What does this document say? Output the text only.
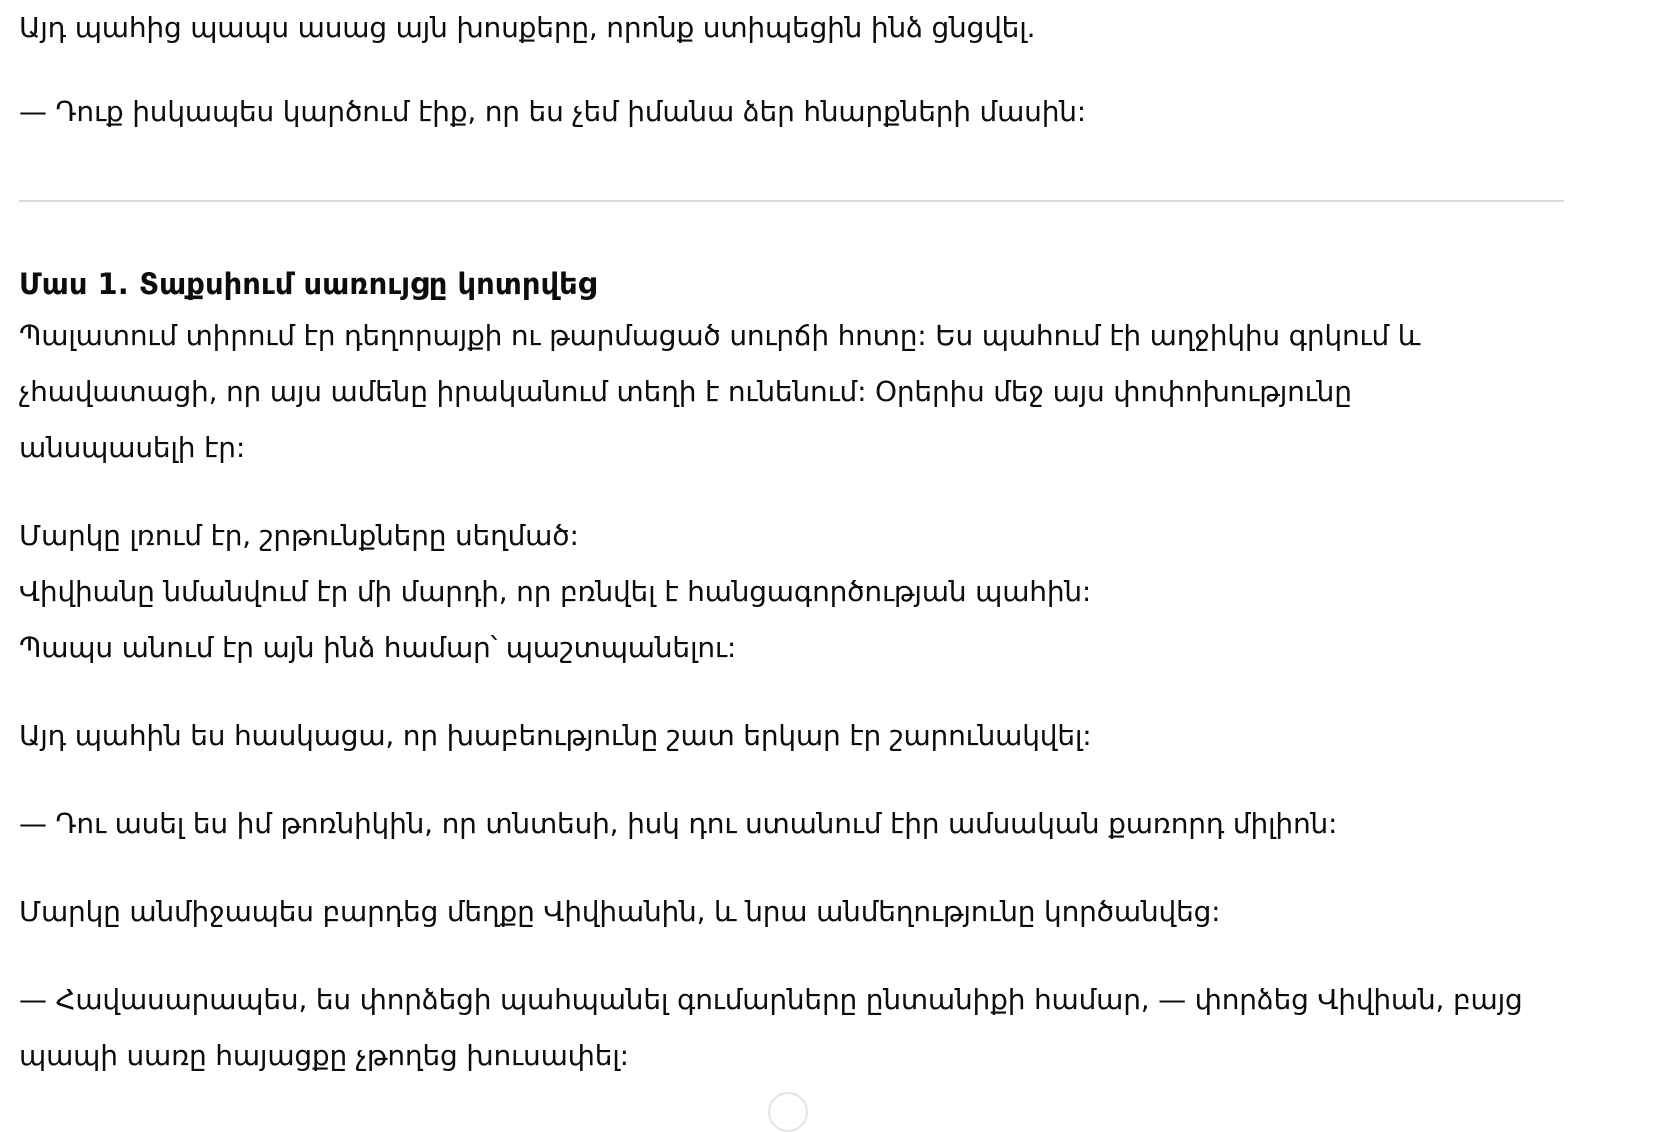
Այդ պահից պապս ասաց այն խոսքերը, որոնք ստիպեցին ինձ ցնցվել.

— Դուք իսկապես կարծում էիք, որ ես չեմ իմանա ձեր հնարքների մասին:

Մաս 1. Տաքսիում սառույցը կոտրվեց

Պալատում տիրում էր դեղորայքի ու թարմացած սուրճի հոտը: Ես պահում էի աղջիկիս գրկում և
չհավատացի, որ այս ամենը իրականում տեղի է ունենում: Օրերիս մեջ այս փոփոխությունը
անսպասելի էր:

Մարկը լռում էր, շրթունքները սեղմած:
Վիվիանը նմանվում էր մի մարդի, որ բռնվել է հանցագործության պահին:
Պապս անում էր այն ինձ համար՝ պաշտպանելու:

Այդ պահին ես հասկացա, որ խաբեությունը շատ երկար էր շարունակվել:

— Դու ասել ես իմ թոռնիկին, որ տնտեսի, իսկ դու ստանում էիր ամսական քառորդ միլիոն:

Մարկը անմիջապես բարդեց մեղքը Վիվիանին, և նրա անմեղությունը կործանվեց:

— Հավասարապես, ես փորձեցի պահպանել գումարները ընտանիքի համար, — փորձեց Վիվիան, բայց
պապի սառը հայացքը չթողեց խուսափել:
